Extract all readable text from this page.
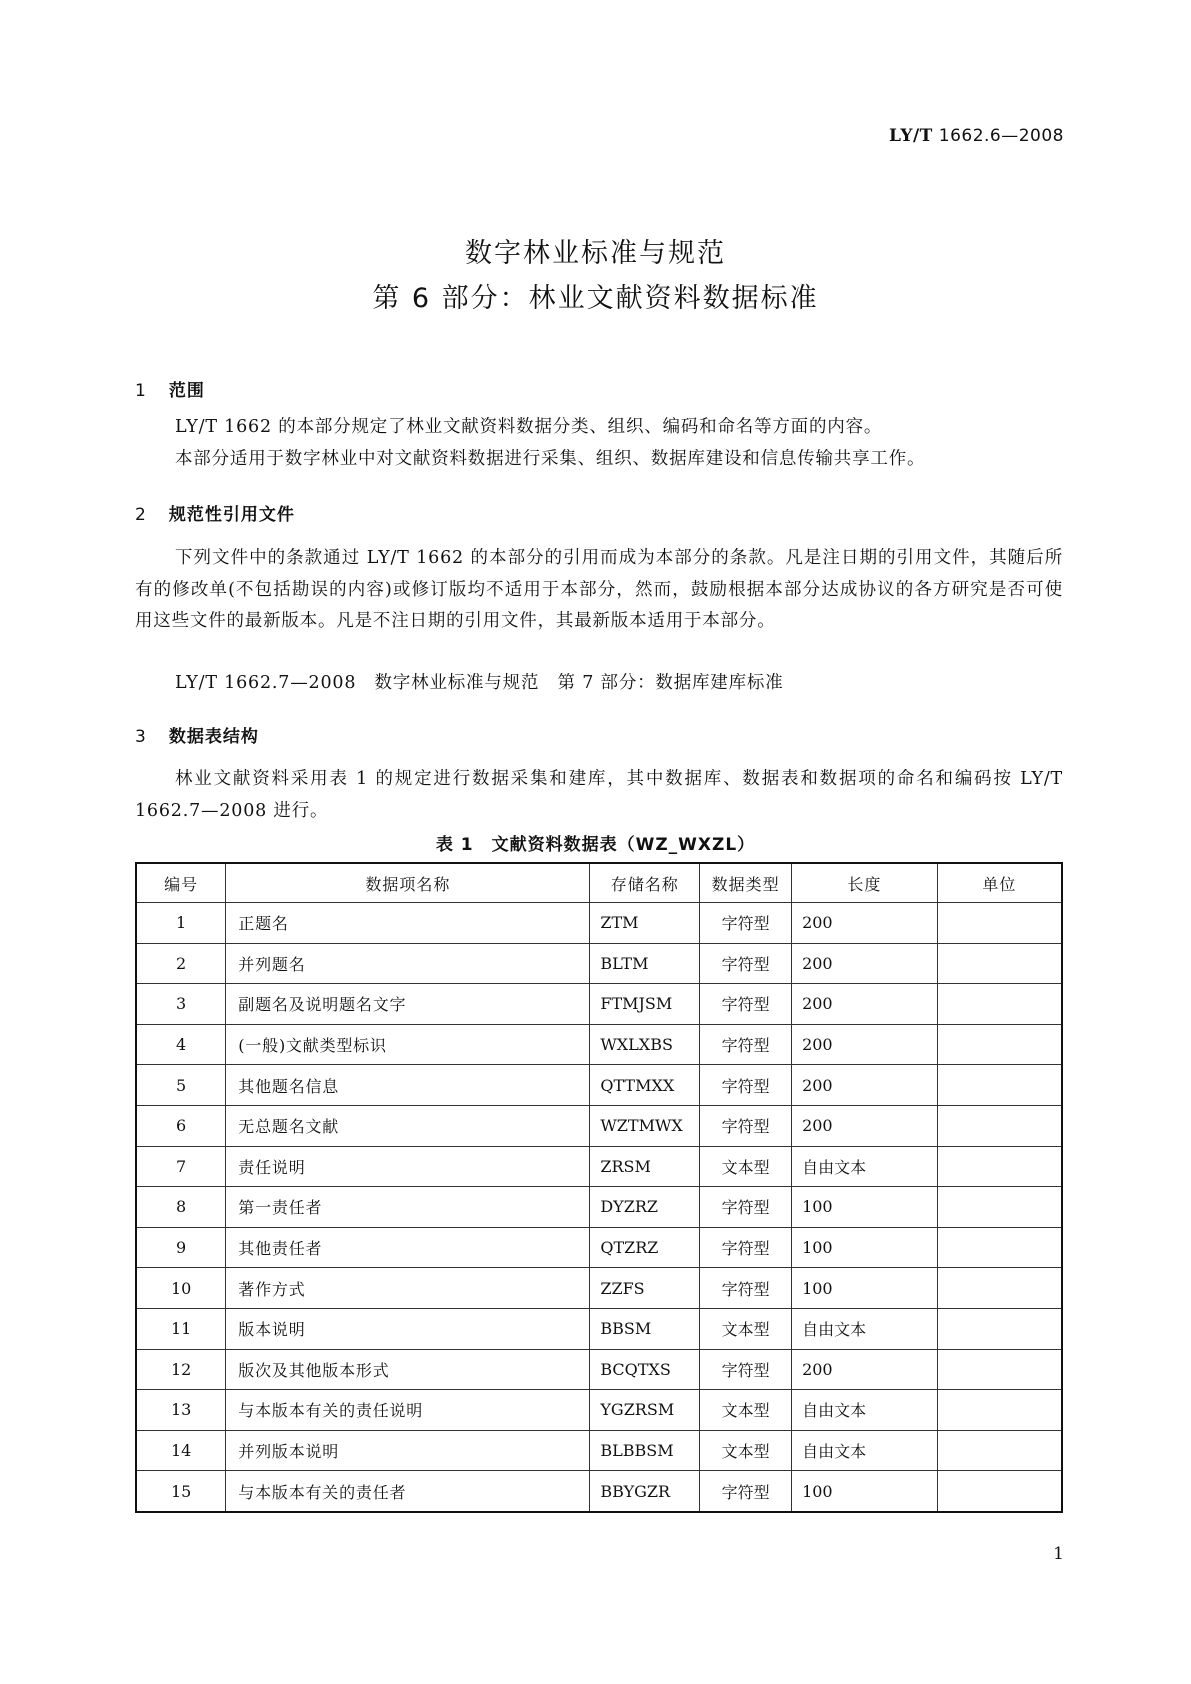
LY/T 1662.6—2008
数字林业标准与规范
第 6 部分：林业文献资料数据标准
1 范围
LY/T 1662 的本部分规定了林业文献资料数据分类、组织、编码和命名等方面的内容。
本部分适用于数字林业中对文献资料数据进行采集、组织、数据库建设和信息传输共享工作。
2 规范性引用文件
下列文件中的条款通过 LY/T 1662 的本部分的引用而成为本部分的条款。凡是注日期的引用文件，其随后所有的修改单(不包括勘误的内容)或修订版均不适用于本部分，然而，鼓励根据本部分达成协议的各方研究是否可使用这些文件的最新版本。凡是不注日期的引用文件，其最新版本适用于本部分。
LY/T 1662.7—2008　数字林业标准与规范　第 7 部分：数据库建库标准
3 数据表结构
林业文献资料采用表 1 的规定进行数据采集和建库，其中数据库、数据表和数据项的命名和编码按 LY/T 1662.7—2008 进行。
表 1　文献资料数据表（WZ_WXZL）
编号	数据项名称	存储名称	数据类型	长度	单位
1	正题名	ZTM	字符型	200	
2	并列题名	BLTM	字符型	200	
3	副题名及说明题名文字	FTMJSM	字符型	200	
4	(一般)文献类型标识	WXLXBS	字符型	200	
5	其他题名信息	QTTMXX	字符型	200	
6	无总题名文献	WZTMWX	字符型	200	
7	责任说明	ZRSM	文本型	自由文本	
8	第一责任者	DYZRZ	字符型	100	
9	其他责任者	QTZRZ	字符型	100	
10	著作方式	ZZFS	字符型	100	
11	版本说明	BBSM	文本型	自由文本	
12	版次及其他版本形式	BCQTXS	字符型	200	
13	与本版本有关的责任说明	YGZRSM	文本型	自由文本	
14	并列版本说明	BLBBSM	文本型	自由文本	
15	与本版本有关的责任者	BBYGZR	字符型	100	
1
